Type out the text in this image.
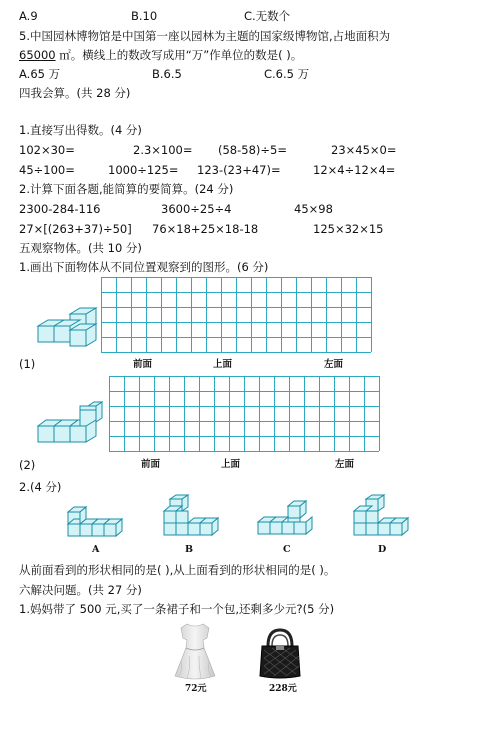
A.9	B.10	C.无数个
5.中国园林博物馆是中国第一座以园林为主题的国家级博物馆,占地面积为
65000 ㎡。横线上的数改写成用“万”作单位的数是( )。
A.65 万	B.6.5	C.6.5 万
四我会算。(共 28 分)
1.直接写出得数。(4 分)
102×30=	2.3×100= (58-58)÷5=	23×45×0=
45÷100=	1000÷125= 123-(23+47)=	12×4÷12×4=
2.计算下面各题,能简算的要简算。(24 分)
2300-284-116	3600÷25÷4	45×98
27×[(263+37)÷50] 76×18+25×18-18	125×32×15
五观察物体。(共 10 分)
1.画出下面物体从不同位置观察到的图形。(6 分)
(1)	前面	上面	左面
(2)	前面	上面	左面
2.(4 分)
A	B	C	D
从前面看到的形状相同的是( ),从上面看到的形状相同的是( )。
六解决问题。(共 27 分)
1.妈妈带了 500 元,买了一条裙子和一个包,还剩多少元?(5 分)
72元	228元
